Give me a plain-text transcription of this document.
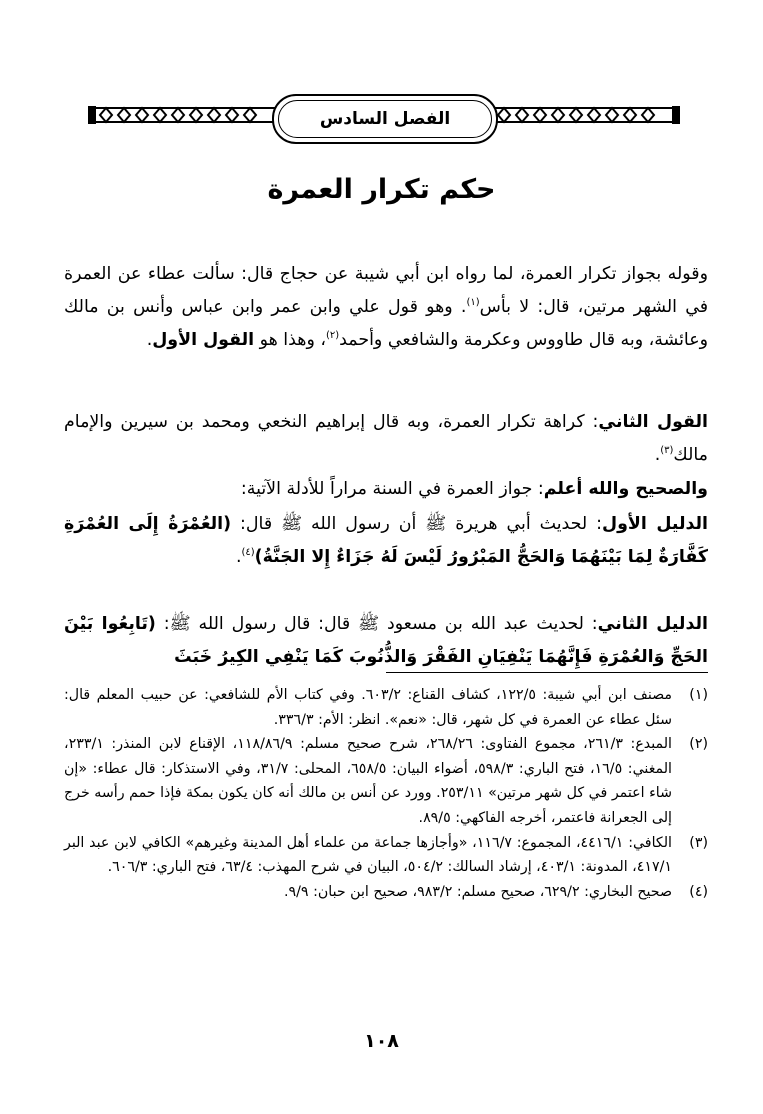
الفصل السادس
حكم تكرار العمرة
وقوله بجواز تكرار العمرة، لما رواه ابن أبي شيبة عن حجاج قال: سألت عطاء عن العمرة في الشهر مرتين، قال: لا بأس$^{(١)}$. وهو قول علي وابن عمر وابن عباس وأنس بن مالك وعائشة، وبه قال طاووس وعكرمة والشافعي وأحمد$^{(٢)}$، وهذا هو القول الأول.
القول الثاني: كراهة تكرار العمرة، وبه قال إبراهيم النخعي ومحمد بن سيرين والإمام مالك$^{(٣)}$.
والصحيح والله أعلم: جواز العمرة في السنة مراراً للأدلة الآتية:
الدليل الأول: لحديث أبي هريرة ﷺ أن رسول الله ﷺ قال: (العُمْرَةُ إِلَى العُمْرَةِ كَفَّارَةٌ لِمَا بَيْنَهُمَا وَالحَجُّ المَبْرُورُ لَيْسَ لَهُ جَزَاءٌ إِلا الجَنَّةُ)$^{(٤)}$.
الدليل الثاني: لحديث عبد الله بن مسعود ﷺ قال: قال رسول الله ﷺ: (تَابِعُوا بَيْنَ الحَجِّ وَالعُمْرَةِ فَإِنَّهُمَا يَنْفِيَانِ الفَقْرَ وَالذُّنُوبَ كَمَا يَنْفِي الكِيرُ خَبَثَ
(١)
مصنف ابن أبي شيبة: ١٢٢/٥، كشاف القناع: ٦٠٣/٢. وفي كتاب الأم للشافعي: عن حبيب المعلم قال: سئل عطاء عن العمرة في كل شهر، قال: «نعم». انظر: الأم: ٣٣٦/٣.
(٢)
المبدع: ٢٦١/٣، مجموع الفتاوى: ٢٦٨/٢٦، شرح صحيح مسلم: ١١٨/٨٦/٩، الإقناع لابن المنذر: ٢٣٣/١، المغني: ١٦/٥، فتح الباري: ٥٩٨/٣، أضواء البيان: ٦٥٨/٥، المحلى: ٣١/٧، وفي الاستذكار: قال عطاء: «إن شاء اعتمر في كل شهر مرتين» ٢٥٣/١١. وورد عن أنس بن مالك أنه كان يكون بمكة فإذا حمم رأسه خرج إلى الجعرانة فاعتمر، أخرجه الفاكهي: ٨٩/٥.
(٣)
الكافي: ٤٤١٦/١، المجموع: ١١٦/٧، «وأجازها جماعة من علماء أهل المدينة وغيرهم» الكافي لابن عبد البر ٤١٧/١، المدونة: ٤٠٣/١، إرشاد السالك: ٥٠٤/٢، البيان في شرح المهذب: ٦٣/٤، فتح الباري: ٦٠٦/٣.
(٤)
صحيح البخاري: ٦٢٩/٢، صحيح مسلم: ٩٨٣/٢، صحيح ابن حبان: ٩/٩.
١٠٨
